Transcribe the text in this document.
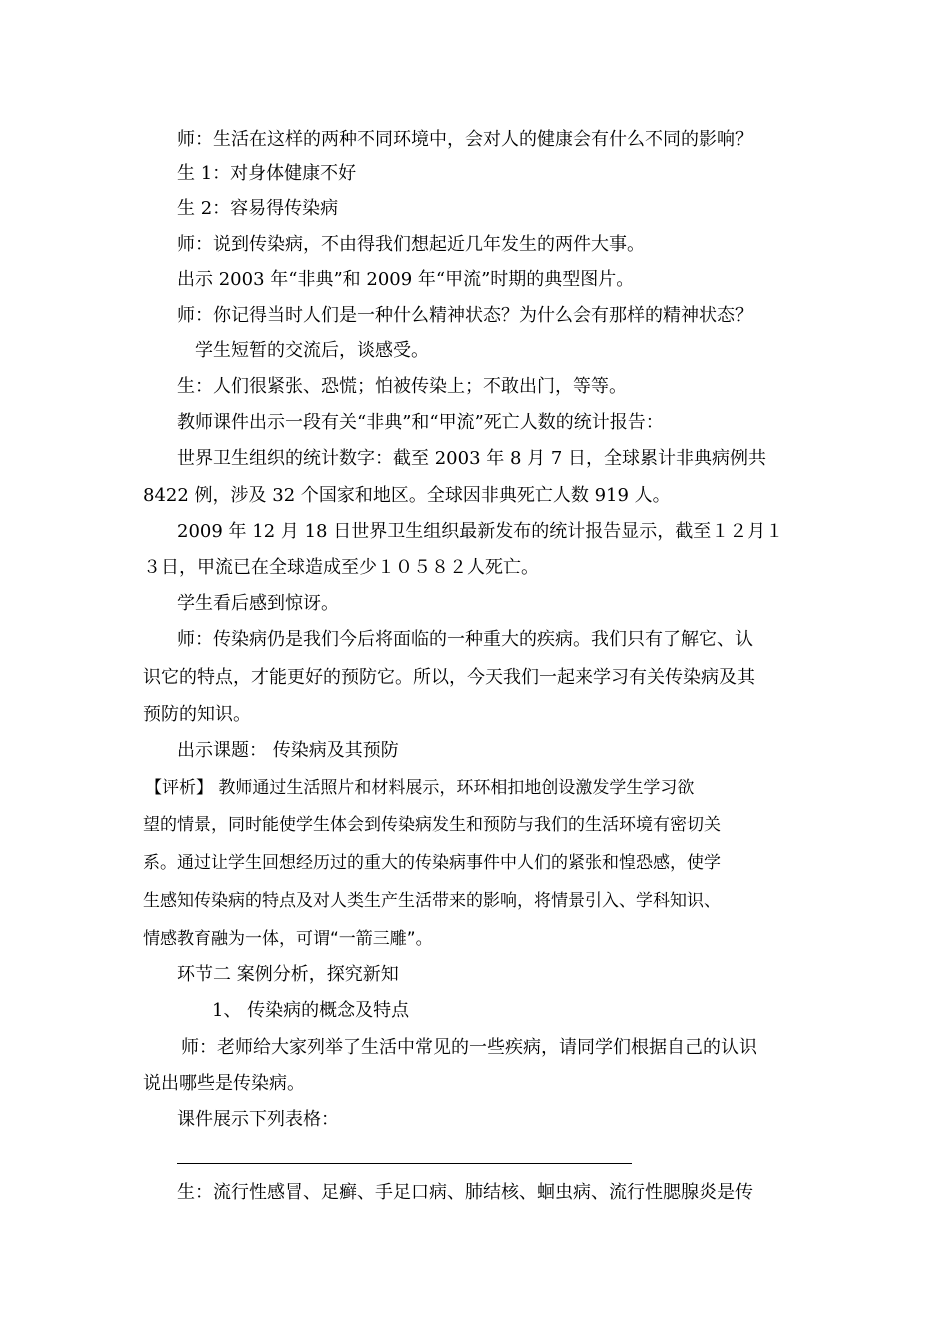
师：生活在这样的两种不同环境中，会对人的健康会有什么不同的影响？
生 1：对身体健康不好
生 2：容易得传染病
师：说到传染病，不由得我们想起近几年发生的两件大事。
出示 2003 年“非典”和 2009 年“甲流”时期的典型图片。
师：你记得当时人们是一种什么精神状态？为什么会有那样的精神状态？
学生短暂的交流后，谈感受。
生：人们很紧张、恐慌；怕被传染上；不敢出门，等等。
教师课件出示一段有关“非典”和“甲流”死亡人数的统计报告：
世界卫生组织的统计数字：截至 2003 年 8 月 7 日，全球累计非典病例共
8422 例，涉及 32 个国家和地区。全球因非典死亡人数 919 人。
2009 年 12 月 18 日世界卫生组织最新发布的统计报告显示，截至１２月１
３日，甲流已在全球造成至少１０５８２人死亡。
学生看后感到惊讶。
师：传染病仍是我们今后将面临的一种重大的疾病。我们只有了解它、认
识它的特点，才能更好的预防它。所以，今天我们一起来学习有关传染病及其
预防的知识。
出示课题： 传染病及其预防
【评析】 教师通过生活照片和材料展示，环环相扣地创设激发学生学习欲
望的情景，同时能使学生体会到传染病发生和预防与我们的生活环境有密切关
系。通过让学生回想经历过的重大的传染病事件中人们的紧张和惶恐感，使学
生感知传染病的特点及对人类生产生活带来的影响，将情景引入、学科知识、
情感教育融为一体，可谓“一箭三雕”。
环节二 案例分析，探究新知
1、 传染病的概念及特点
师：老师给大家列举了生活中常见的一些疾病，请同学们根据自己的认识
说出哪些是传染病。
课件展示下列表格：
生：流行性感冒、足癣、手足口病、肺结核、蛔虫病、流行性腮腺炎是传
